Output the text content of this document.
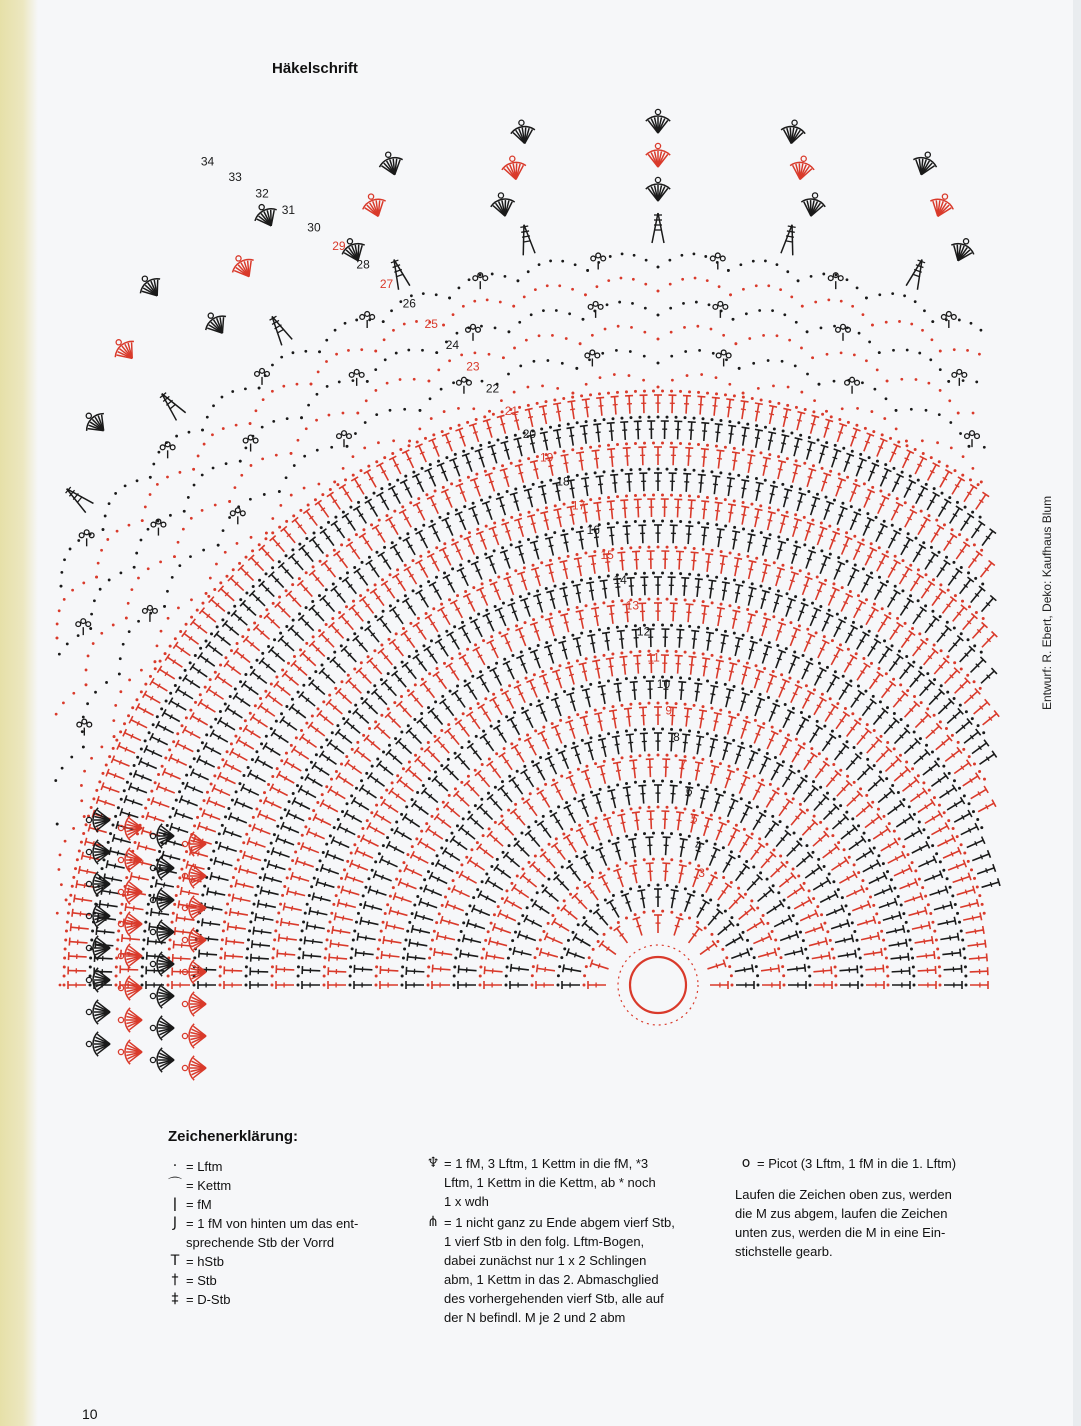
3
4
5
6
7
8
9
10
11
12
13
14
15
16
17
18
19
20
21
22
23
24
25
26
27
28
29
30
31
32
33
34
Häkelschrift
Entwurf: R. Ebert, Deko: Kaufhaus Blum
Zeichenerklärung:
· = Lftm
⌒ = Kettm
ǀ = fM
J = 1 fM von hinten um das ent-
sprechende Stb der Vorrd
T = hStb
† = Stb
‡ = D-Stb
♆ = 1 fM, 3 Lftm, 1 Kettm in die fM, *3
Lftm, 1 Kettm in die Kettm, ab * noch
1 x wdh
⋔ = 1 nicht ganz zu Ende abgem vierf Stb,
1 vierf Stb in den folg. Lftm-Bogen,
dabei zunächst nur 1 x 2 Schlingen
abm, 1 Kettm in das 2. Abmaschglied
des vorhergehenden vierf Stb, alle auf
der N befindl. M je 2 und 2 abm
o = Picot (3 Lftm, 1 fM in die 1. Lftm)
Laufen die Zeichen oben zus, werden
die M zus abgem, laufen die Zeichen
unten zus, werden die M in eine Ein-
stichstelle gearb.
10
